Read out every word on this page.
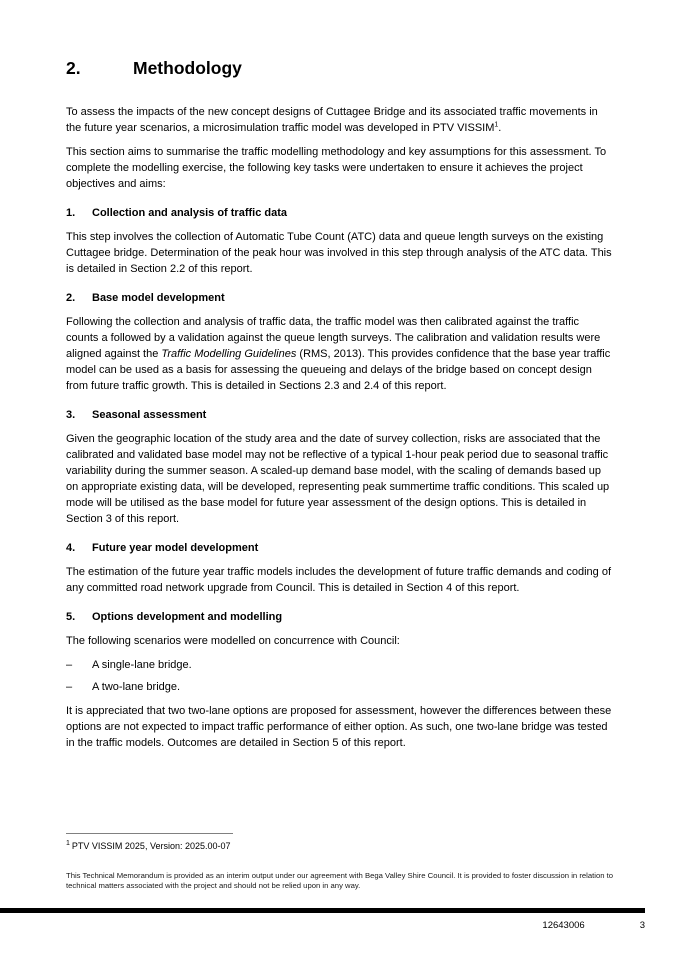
2.	Methodology

To assess the impacts of the new concept designs of Cuttagee Bridge and its associated traffic movements in the future year scenarios, a microsimulation traffic model was developed in PTV VISSIM$^1$.

This section aims to summarise the traffic modelling methodology and key assumptions for this assessment. To complete the modelling exercise, the following key tasks were undertaken to ensure it achieves the project objectives and aims:

1.	Collection and analysis of traffic data

This step involves the collection of Automatic Tube Count (ATC) data and queue length surveys on the existing Cuttagee bridge. Determination of the peak hour was involved in this step through analysis of the ATC data. This is detailed in Section 2.2 of this report.

2.	Base model development

Following the collection and analysis of traffic data, the traffic model was then calibrated against the traffic counts a followed by a validation against the queue length surveys. The calibration and validation results were aligned against the Traffic Modelling Guidelines (RMS, 2013). This provides confidence that the base year traffic model can be used as a basis for assessing the queueing and delays of the bridge based on concept design from future traffic growth. This is detailed in Sections 2.3 and 2.4 of this report.

3.	Seasonal assessment

Given the geographic location of the study area and the date of survey collection, risks are associated that the calibrated and validated base model may not be reflective of a typical 1-hour peak period due to seasonal traffic variability during the summer season. A scaled-up demand base model, with the scaling of demands based up on appropriate existing data, will be developed, representing peak summertime traffic conditions. This scaled up mode will be utilised as the base model for future year assessment of the design options. This is detailed in Section 3 of this report.

4.	Future year model development

The estimation of the future year traffic models includes the development of future traffic demands and coding of any committed road network upgrade from Council. This is detailed in Section 4 of this report.

5.	Options development and modelling

The following scenarios were modelled on concurrence with Council:

–	A single-lane bridge.
–	A two-lane bridge.

It is appreciated that two two-lane options are proposed for assessment, however the differences between these options are not expected to impact traffic performance of either option. As such, one two-lane bridge was tested in the traffic models. Outcomes are detailed in Section 5 of this report.

$^1$ PTV VISSIM 2025, Version: 2025.00-07
This Technical Memorandum is provided as an interim output under our agreement with Bega Valley Shire Council. It is provided to foster discussion in relation to technical matters associated with the project and should not be relied upon in any way.
12643006	3
